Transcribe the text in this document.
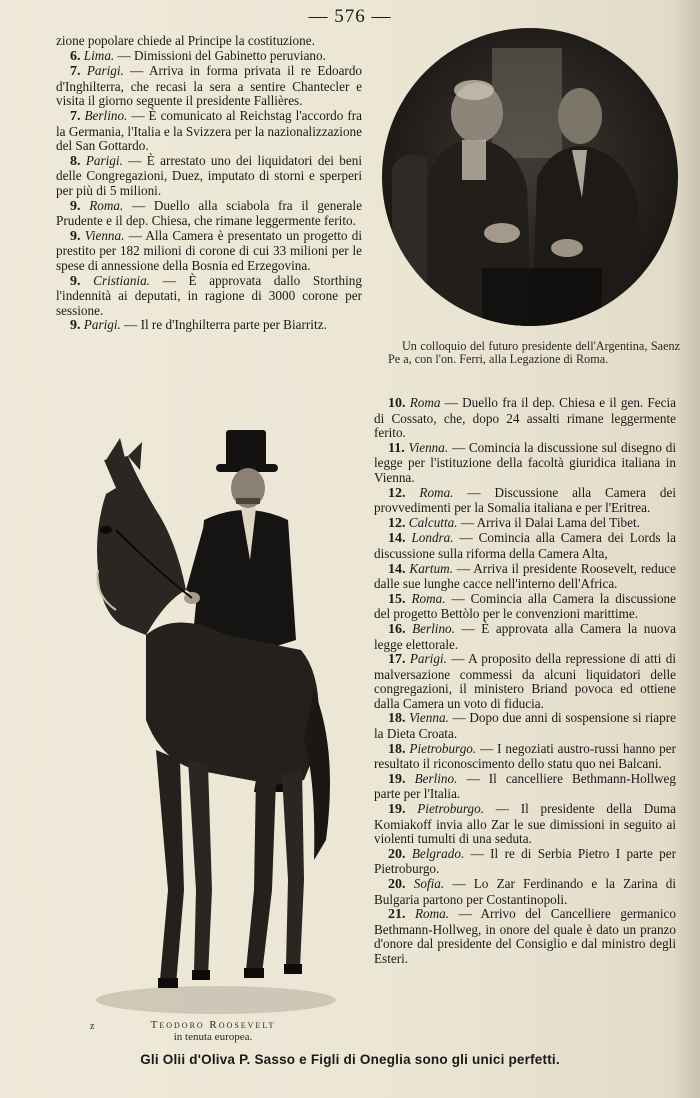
— 576 —

zione popolare chiede al Principe la costituzione.

6. Lima. — Dimissioni del Gabinetto peruviano.

7. Parigi. — Arriva in forma privata il re Edoardo d'Inghilterra, che recasi la sera a sentire Chantecler e visita il giorno seguente il presidente Fallières.

7. Berlino. — È comunicato al Reichstag l'accordo fra la Germania, l'Italia e la Svizzera per la nazionalizzazione del San Gottardo.

8. Parigi. — È arrestato uno dei liquidatori dei beni delle Congregazioni, Duez, imputato di storni e sperperi per più di 5 milioni.

9. Roma. — Duello alla sciabola fra il generale Prudente e il dep. Chiesa, che rimane leggermente ferito.

9. Vienna. — Alla Camera è presentato un progetto di prestito per 182 milioni di corone di cui 33 milioni per le spese di annessione della Bosnia ed Erzegovina.

9. Cristiania. — È approvata dallo Storthing l'indennità ai deputati, in ragione di 3000 corone per sessione.

9. Parigi. — Il re d'Inghilterra parte per Biarritz.

Un colloquio del futuro presidente dell'Argentina, Saenz Pe a, con l'on. Ferri, alla Legazione di Roma.
z	Teodoro Roosevelt
in tenuta europea.

10. Roma — Duello fra il dep. Chiesa e il gen. Fecia di Cossato, che, dopo 24 assalti rimane leggermente ferito.

11. Vienna. — Comincia la discussione sul disegno di legge per l'istituzione della facoltà giuridica italiana in Vienna.

12. Roma. — Discussione alla Camera dei provvedimenti per la Somalia italiana e per l'Eritrea.

12. Calcutta. — Arriva il Dalai Lama del Tibet.

14. Londra. — Comincia alla Camera dei Lords la discussione sulla riforma della Camera Alta,

14. Kartum. — Arriva il presidente Roosevelt, reduce dalle sue lunghe cacce nell'interno dell'Africa.

15. Roma. — Comincia alla Camera la discussione del progetto Bettòlo per le convenzioni marittime.

16. Berlino. — È approvata alla Camera la nuova legge elettorale.

17. Parigi. — A proposito della repressione di atti di malversazione commessi da alcuni liquidatori delle congregazioni, il ministero Briand povoca ed ottiene dalla Camera un voto di fiducia.

18. Vienna. — Dopo due anni di sospensione si riapre la Dieta Croata.

18. Pietroburgo. — I negoziati austro-russi hanno per resultato il riconoscimento dello statu quo nei Balcani.

19. Berlino. — Il cancelliere Bethmann-Hollweg parte per l'Italia.

19. Pietroburgo. — Il presidente della Duma Komiakoff invia allo Zar le sue dimissioni in seguito ai violenti tumulti di una seduta.

20. Belgrado. — Il re di Serbia Pietro I parte per Pietroburgo.

20. Sofia. — Lo Zar Ferdinando e la Zarina di Bulgaria partono per Costantinopoli.

21. Roma. — Arrivo del Cancelliere germanico Bethmann-Hollweg, in onore del quale è dato un pranzo d'onore dal presidente del Consiglio e dal ministro degli Esteri.

Gli Olii d'Oliva P. Sasso e Figli di Oneglia sono gli unici perfetti.
